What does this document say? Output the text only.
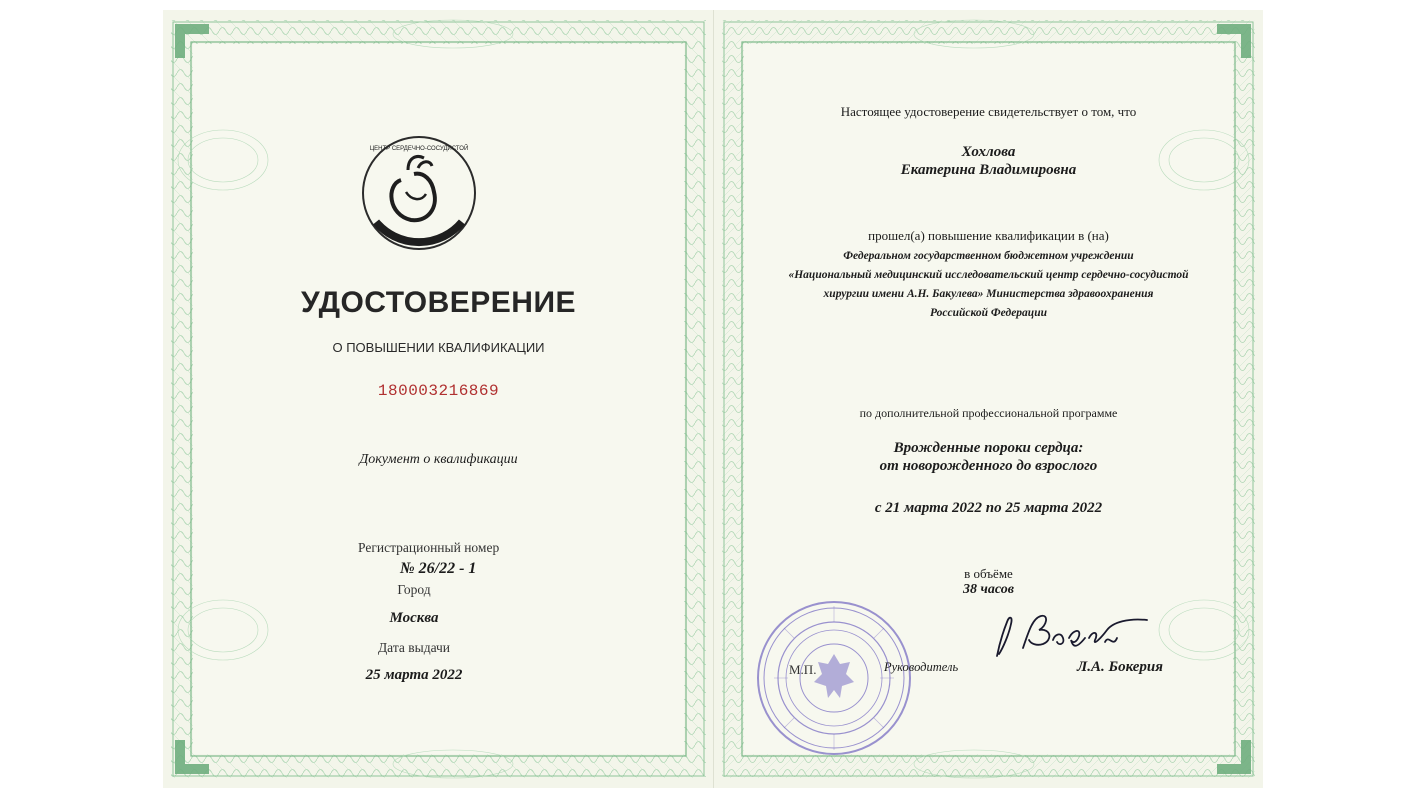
ЦЕНТР СЕРДЕЧНО-СОСУДИСТОЙ
УДОСТОВЕРЕНИЕ
О ПОВЫШЕНИИ КВАЛИФИКАЦИИ
180003216869
Документ о квалификации
Регистрационный номер
№ 26/22 - 1
Город
Москва
Дата выдачи
25 марта 2022
Настоящее удостоверение свидетельствует о том, что
Хохлова
Екатерина Владимировна
прошел(а) повышение квалификации в (на)
Федеральном государственном бюджетном учреждении
«Национальный медицинский исследовательский центр сердечно-сосудистой
хирургии имени А.Н. Бакулева» Министерства здравоохранения
Российской Федерации
по дополнительной профессиональной программе
Врожденные пороки сердца:
от новорожденного до взрослого
с 21 марта 2022 по 25 марта 2022
в объёме
38 часов
М.П.	Руководитель	Л.А. Бокерия
